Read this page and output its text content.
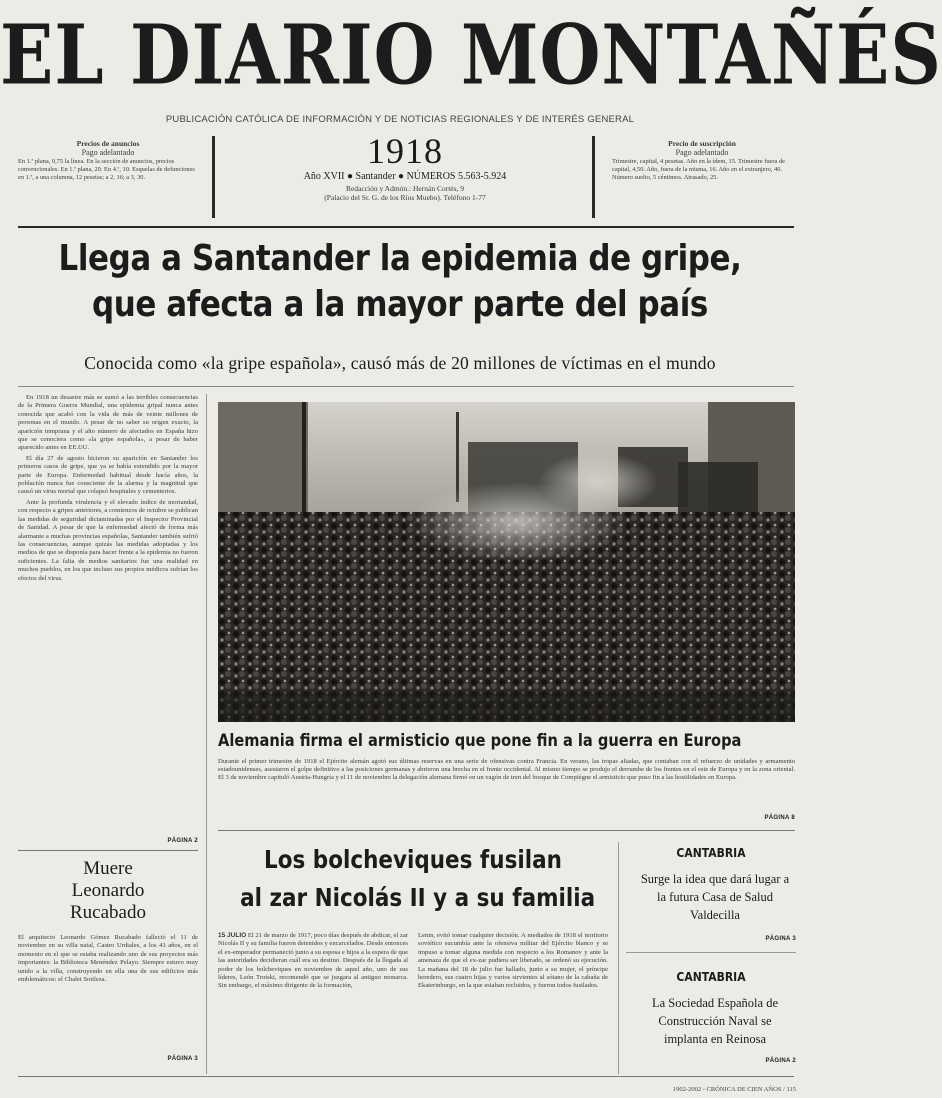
EL DIARIO MONTAÑÉS
PUBLICACIÓN CATÓLICA DE INFORMACIÓN Y DE NOTICIAS REGIONALES Y DE INTERÉS GENERAL
Precios de anuncios
Pago adelantado
En 1.ª plana, 0,75 la línea. En la sección de anuncios, precios convencionales. En 1.ª plana, 20. En 4.ª, 10. Esquelas de defunciones en 1.ª, a una columna, 12 pesetas; a 2, 16; a 3, 30.
1918
Año XVII ● Santander ● NÚMEROS 5.563-5.924
Redacción y Admón.: Hernán Cortés, 9
(Palacio del Sr. G. de los Ríos Muebo). Teléfono 1-77
Precio de suscripción
Pago adelantado
Trimestre, capital, 4 pesetas. Año en la ídem, 15. Trimestre fuera de capital, 4,50. Año, fuera de la misma, 16. Año en el extranjero, 40. Número suelto, 5 céntimos. Atrasado, 25.
Llega a Santander la epidemia de gripe,
que afecta a la mayor parte del país
Conocida como «la gripe española», causó más de 20 millones de víctimas en el mundo

En 1918 un desastre más se sumó a las terribles consecuencias de la Primera Guerra Mundial, una epidemia gripal nunca antes conocida que acabó con la vida de más de veinte millones de personas en el mundo. A pesar de no saber su origen exacto, la aparición temprana y el alto número de afectados en España hizo que se conociera como «la gripe española», a pesar de haber aparecido antes en EE.UU.

El día 27 de agosto hicieron su aparición en Santander los primeros casos de gripe, que ya se había extendido por la mayor parte de Europa. Enfermedad habitual desde hacía años, la población nunca fue consciente de la alarma y la magnitud que causó un virus mortal que colapsó hospitales y cementerios.

Ante la profunda virulencia y el elevado índice de mortandad, con respecto a gripes anteriores, a comienzos de octubre se publican las medidas de seguridad dictaminadas por el Inspector Provincial de Sanidad. A pesar de que la enfermedad afectó de forma más alarmante a muchas provincias españolas, Santander también sufrió las consecuencias, aunque quizás las medidas adoptadas y los medios de que se disponía para hacer frente a la epidemia no fueron suficientes. La falta de medios sanitarios fue una realidad en muchos pueblos, en los que incluso sus propios médicos sufrían los efectos del virus.

PÁGINA 2
Alemania firma el armisticio que pone fin a la guerra en Europa
Durante el primer trimestre de 1918 el Ejército alemán agotó sus últimas reservas en una serie de ofensivas contra Francia. En verano, las tropas aliadas, que contaban con el refuerzo de unidades y armamento estadounidenses, asestaron el golpe definitivo a las posiciones germanas y abrieron una brecha en el frente occidental. Al mismo tiempo se produjo el derrumbe de los frentes en el este de Europa y en la zona oriental. El 3 de noviembre capituló Austria-Hungría y el 11 de noviembre la delegación alemana firmó en un vagón de tren del bosque de Compiègne el armisticio que puso fin a las hostilidades en Europa.
PÁGINA 8
Muere
Leonardo
Rucabado
El arquitecto Leonardo Gómez Rucabado falleció el 11 de noviembre en su villa natal, Castro Urdiales, a los 43 años, en el momento en el que se estaba realizando uno de sus proyectos más importantes: la Biblioteca Menéndez Pelayo. Siempre estuvo muy unido a la villa, construyendo en ella una de sus edificios más emblemáticos: el Chalet Sotileza.
PÁGINA 3
Los bolcheviques fusilan
al zar Nicolás II y a su familia
15 JULIO El 21 de marzo de 1917, poco días después de abdicar, el zar Nicolás II y su familia fueron detenidos y encarcelados. Desde entonces el ex-emperador permaneció junto a su esposa e hijos a la espera de que las autoridades decidieran cuál era su destino. Después de la llegada al poder de los bolcheviques en noviembre de aquel año, uno de sus líderes, León Trotski, recomendó que se juzgara al antiguo monarca. Sin embargo, el máximo dirigente de la formación,
Lenin, evitó tomar cualquier decisión. A mediados de 1918 el territorio soviético sucumbía ante la ofensiva militar del Ejército blanco y se impuso a tomar alguna medida con respecto a los Romanov y ante la amenaza de que el ex-zar pudiera ser liberado, se ordenó su ejecución. La mañana del 18 de julio fue hallado, junto a su mujer, el príncipe heredero, sus cuatro hijas y varios sirvientes al sótano de la cabaña de Ekaterinburgo, en la que estaban recluidos, y fueron todos fusilados.
CANTABRIA
Surge la idea que dará lugar a la futura Casa de Salud Valdecilla
PÁGINA 3
CANTABRIA
La Sociedad Española de Construcción Naval se implanta en Reinosa
PÁGINA 2
1902-2002 - CRÓNICA DE CIEN AÑOS / 115
